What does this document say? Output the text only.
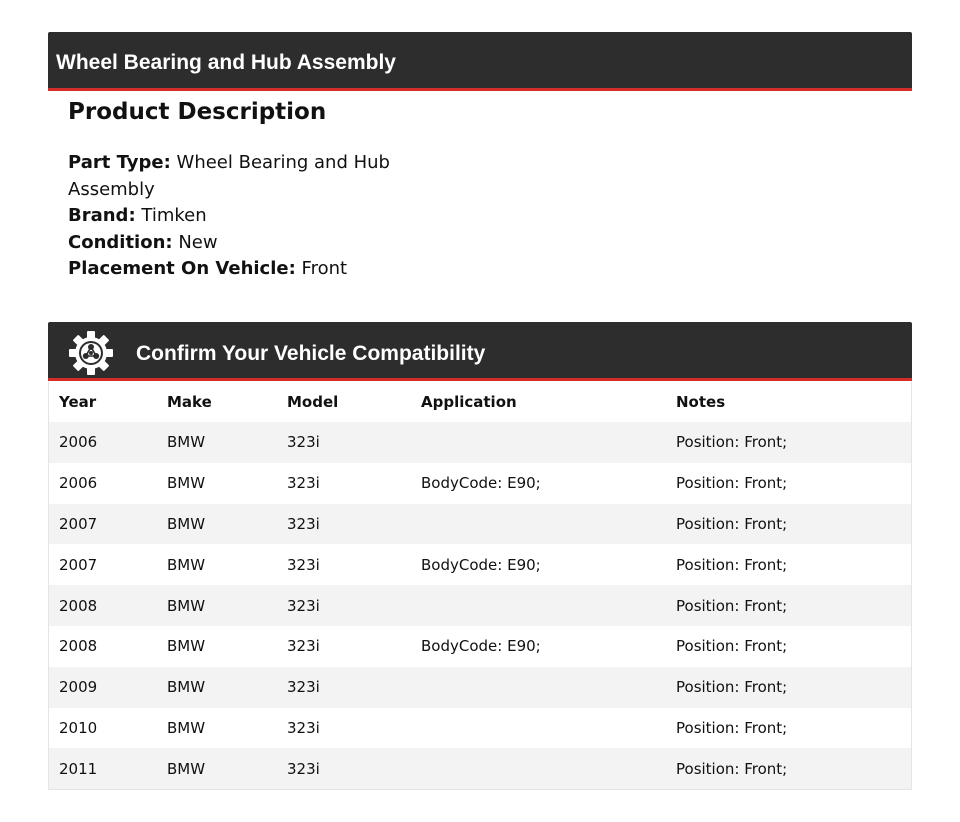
Wheel Bearing and Hub Assembly
Product Description
Part Type: Wheel Bearing and Hub Assembly
Brand: Timken
Condition: New
Placement On Vehicle: Front
Confirm Your Vehicle Compatibility
Year	Make	Model	Application	Notes
2006	BMW	323i		Position: Front;
2006	BMW	323i	BodyCode: E90;	Position: Front;
2007	BMW	323i		Position: Front;
2007	BMW	323i	BodyCode: E90;	Position: Front;
2008	BMW	323i		Position: Front;
2008	BMW	323i	BodyCode: E90;	Position: Front;
2009	BMW	323i		Position: Front;
2010	BMW	323i		Position: Front;
2011	BMW	323i		Position: Front;
